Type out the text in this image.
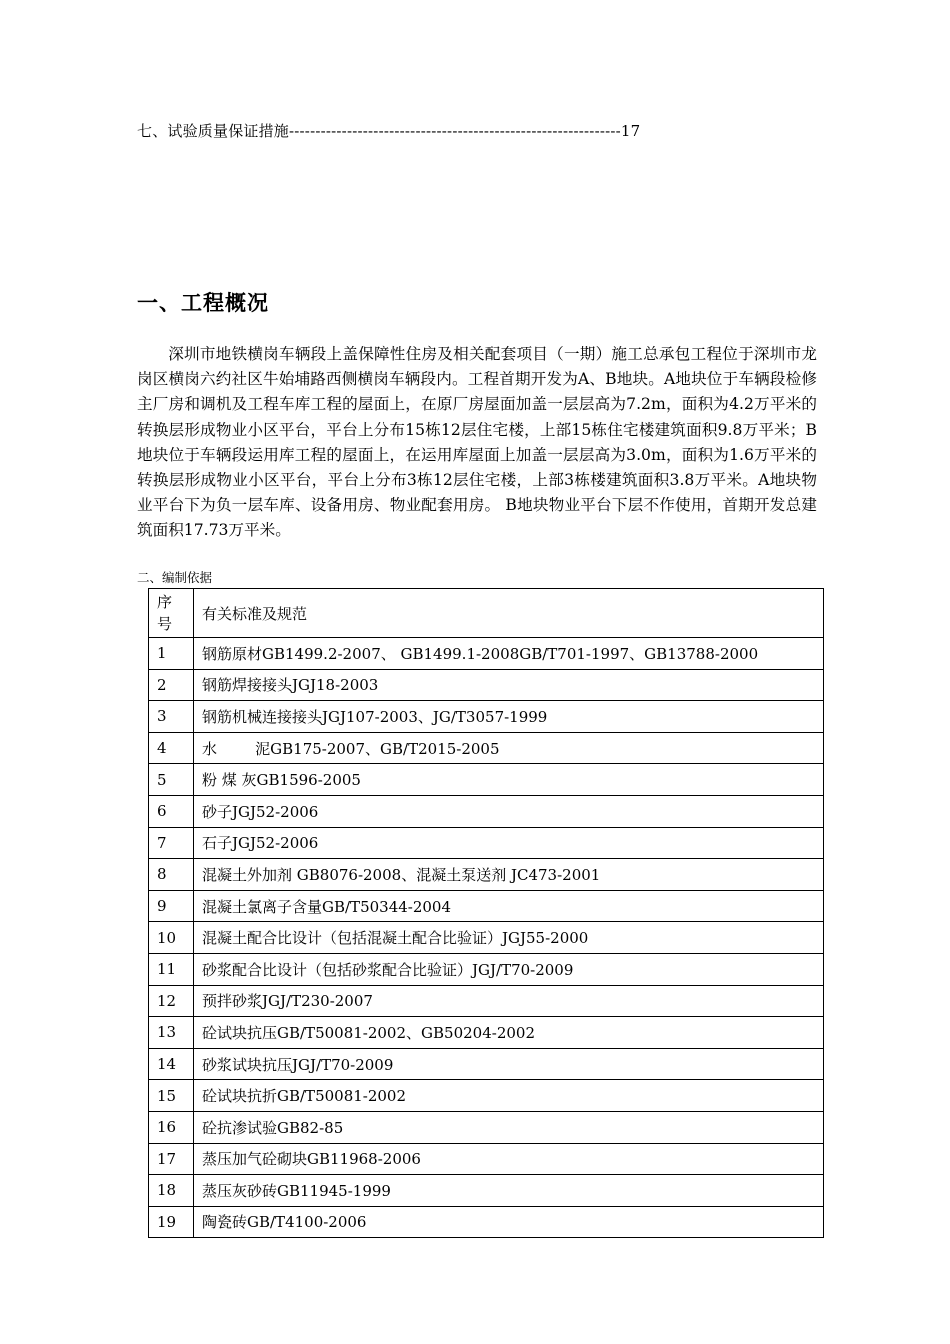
七、试验质量保证措施---------------------------------------------------------------17
一、工程概况

深圳市地铁横岗车辆段上盖保障性住房及相关配套项目（一期）施工总承包工程位于深圳市龙岗区横岗六约社区牛始埔路西侧横岗车辆段内。工程首期开发为A、B地块。A地块位于车辆段检修主厂房和调机及工程车库工程的屋面上，在原厂房屋面加盖一层层高为7.2m，面积为4.2万平米的转换层形成物业小区平台，平台上分布15栋12层住宅楼，上部15栋住宅楼建筑面积9.8万平米；B地块位于车辆段运用库工程的屋面上，在运用库屋面上加盖一层层高为3.0m，面积为1.6万平米的转换层形成物业小区平台，平台上分布3栋12层住宅楼，上部3栋楼建筑面积3.8万平米。A地块物业平台下为负一层车库、设备用房、物业配套用房。 B地块物业平台下层不作使用，首期开发总建筑面积17.73万平米。

二、编制依据
序
号	有关标准及规范
1	钢筋原材GB1499.2-2007、 GB1499.1-2008GB/T701-1997、GB13788-2000
2	钢筋焊接接头JGJ18-2003
3	钢筋机械连接接头JGJ107-2003、JG/T3057-1999
4	水        泥GB175-2007、GB/T2015-2005
5	粉 煤 灰GB1596-2005
6	砂子JGJ52-2006
7	石子JGJ52-2006
8	混凝土外加剂 GB8076-2008、混凝土泵送剂 JC473-2001
9	混凝土氯离子含量GB/T50344-2004
10	混凝土配合比设计（包括混凝土配合比验证）JGJ55-2000
11	砂浆配合比设计（包括砂浆配合比验证）JGJ/T70-2009
12	预拌砂浆JGJ/T230-2007
13	砼试块抗压GB/T50081-2002、GB50204-2002
14	砂浆试块抗压JGJ/T70-2009
15	砼试块抗折GB/T50081-2002
16	砼抗渗试验GB82-85
17	蒸压加气砼砌块GB11968-2006
18	蒸压灰砂砖GB11945-1999
19	陶瓷砖GB/T4100-2006
